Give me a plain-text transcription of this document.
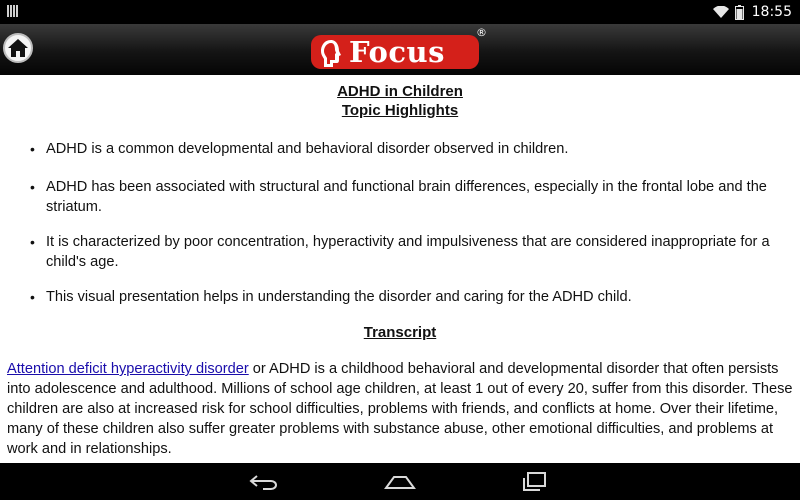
18:55
Focus
®
ADHD in Children
Topic Highlights
• ADHD is a common developmental and behavioral disorder observed in children.
• ADHD has been associated with structural and functional brain differences, especially in the frontal lobe and the striatum.
• It is characterized by poor concentration, hyperactivity and impulsiveness that are considered inappropriate for a child's age.
• This visual presentation helps in understanding the disorder and caring for the ADHD child.
Transcript

Attention deficit hyperactivity disorder or ADHD is a childhood behavioral and developmental disorder that often persists into adolescence and adulthood. Millions of school age children, at least 1 out of every 20, suffer from this disorder. These children are also at increased risk for school difficulties, problems with friends, and conflicts at home. Over their lifetime, many of these children also suffer greater problems with substance abuse, other emotional difficulties, and problems at work and in relationships.
